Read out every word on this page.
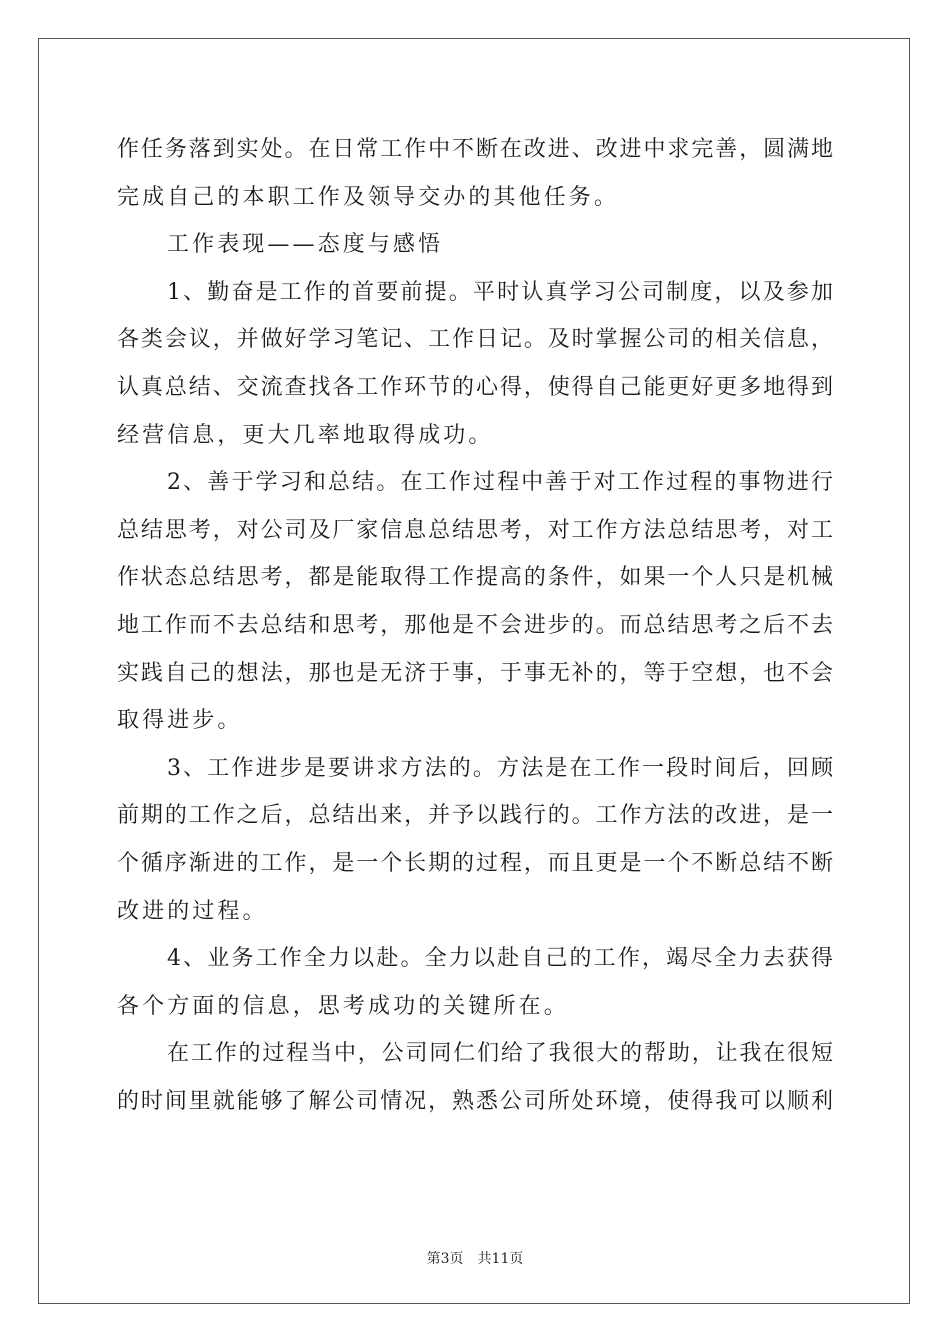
作任务落到实处。在日常工作中不断在改进、改进中求完善，圆满地
完成自己的本职工作及领导交办的其他任务。
工作表现——态度与感悟
1、勤奋是工作的首要前提。平时认真学习公司制度，以及参加
各类会议，并做好学习笔记、工作日记。及时掌握公司的相关信息，
认真总结、交流查找各工作环节的心得，使得自己能更好更多地得到
经营信息，更大几率地取得成功。
2、善于学习和总结。在工作过程中善于对工作过程的事物进行
总结思考，对公司及厂家信息总结思考，对工作方法总结思考，对工
作状态总结思考，都是能取得工作提高的条件，如果一个人只是机械
地工作而不去总结和思考，那他是不会进步的。而总结思考之后不去
实践自己的想法，那也是无济于事，于事无补的，等于空想，也不会
取得进步。
3、工作进步是要讲求方法的。方法是在工作一段时间后，回顾
前期的工作之后，总结出来，并予以践行的。工作方法的改进，是一
个循序渐进的工作，是一个长期的过程，而且更是一个不断总结不断
改进的过程。
4、业务工作全力以赴。全力以赴自己的工作，竭尽全力去获得
各个方面的信息，思考成功的关键所在。
在工作的过程当中，公司同仁们给了我很大的帮助，让我在很短
的时间里就能够了解公司情况，熟悉公司所处环境，使得我可以顺利
第3页 共11页
